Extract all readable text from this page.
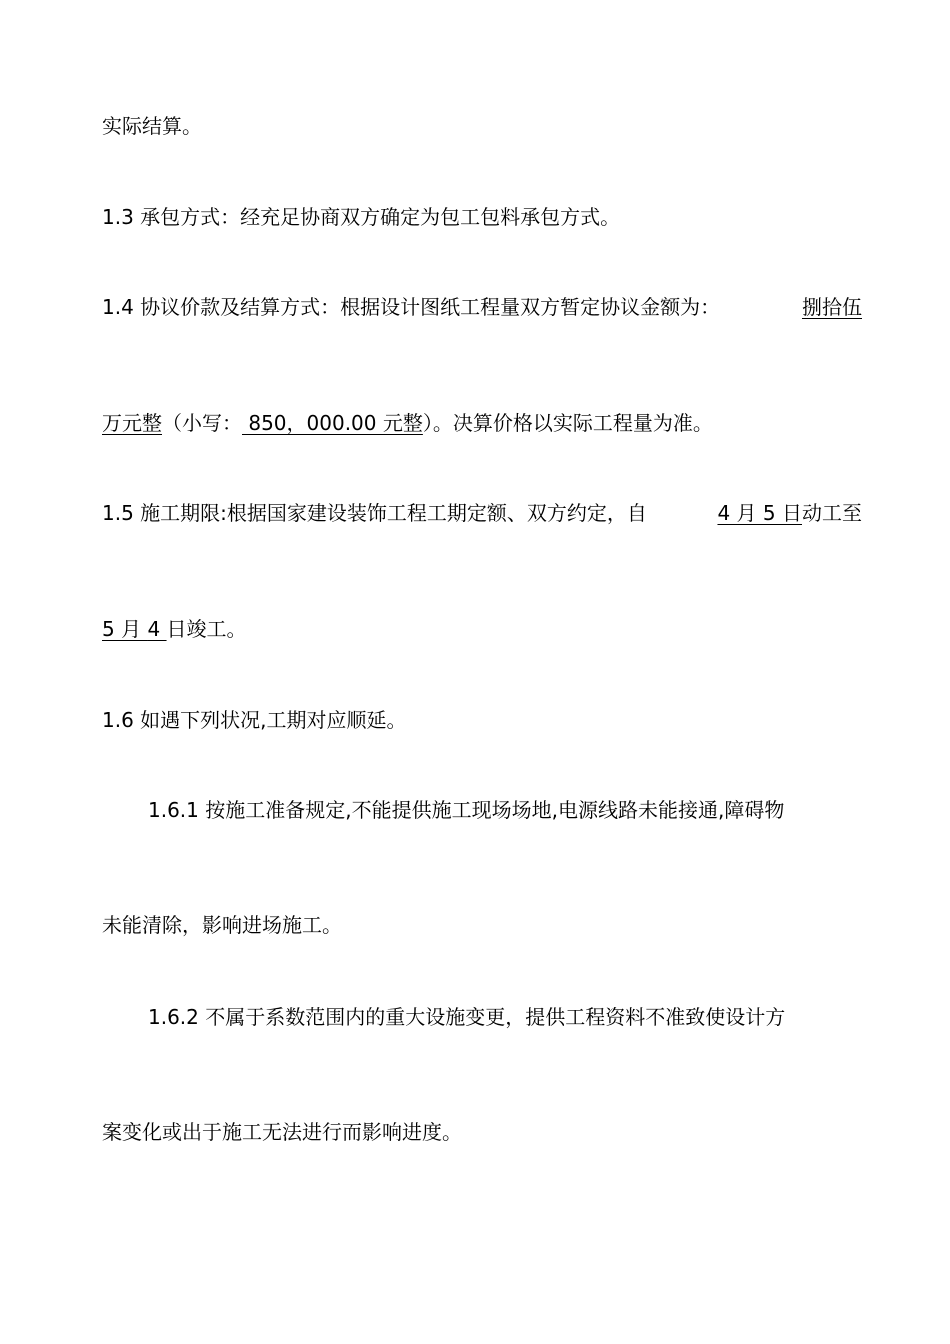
实际结算。
1.3 承包方式：经充足协商双方确定为包工包料承包方式。
1.4 协议价款及结算方式：根据设计图纸工程量双方暂定协议金额为：	捌拾伍
万元整（小写： 850，000.00 元整）。决算价格以实际工程量为准。
1.5 施工期限:根据国家建设装饰工程工期定额、双方约定，自	4 月 5 日动工至
5 月 4 日竣工。
1.6 如遇下列状况,工期对应顺延。
1.6.1 按施工准备规定,不能提供施工现场场地,电源线路未能接通,障碍物
未能清除，影响进场施工。
1.6.2 不属于系数范围内的重大设施变更，提供工程资料不准致使设计方
案变化或出于施工无法进行而影响进度。
